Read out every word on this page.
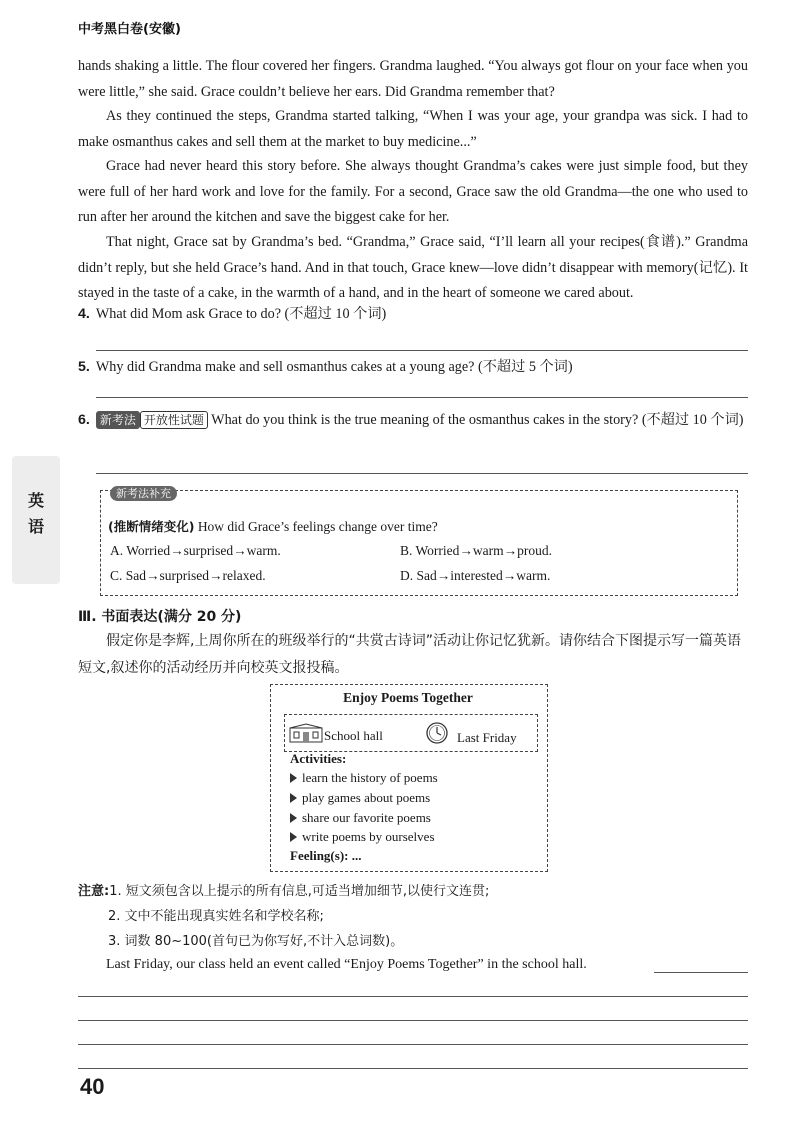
中考黑白卷(安徽)
hands shaking a little. The flour covered her fingers. Grandma laughed. “You always got flour on your face when you were little,” she said. Grace couldn’t believe her ears. Did Grandma remember that?
As they continued the steps, Grandma started talking, “When I was your age, your grandpa was sick. I had to make osmanthus cakes and sell them at the market to buy medicine...”
Grace had never heard this story before. She always thought Grandma’s cakes were just simple food, but they were full of her hard work and love for the family. For a second, Grace saw the old Grandma—the one who used to run after her around the kitchen and save the biggest cake for her.
That night, Grace sat by Grandma’s bed. “Grandma,” Grace said, “I’ll learn all your recipes(食谱).” Grandma didn’t reply, but she held Grace’s hand. And in that touch, Grace knew—love didn’t disappear with memory(记忆). It stayed in the taste of a cake, in the warmth of a hand, and in the heart of someone we cared about.
4. What did Mom ask Grace to do? (不超过 10 个词)
5. Why did Grandma make and sell osmanthus cakes at a young age? (不超过 5 个词)
6. 新考法 开放性试题 What do you think is the true meaning of the osmanthus cakes in the story? (不超过 10 个词)
英语
新考法补充
(推断情绪变化) How did Grace’s feelings change over time?
A. Worried→surprised→warm.	B. Worried→warm→proud.
C. Sad→surprised→relaxed.	D. Sad→interested→warm.
Ⅲ. 书面表达(满分 20 分)
假定你是李辉,上周你所在的班级举行的“共赏古诗词”活动让你记忆犹新。请你结合下图提示写一篇英语短文,叙述你的活动经历并向校英文报投稿。
Enjoy Poems Together
School hall	Last Friday
Activities:
learn the history of poems
play games about poems
share our favorite poems
write poems by ourselves
Feeling(s): ...
注意:1. 短文须包含以上提示的所有信息,可适当增加细节,以使行文连贯;
2. 文中不能出现真实姓名和学校名称;
3. 词数 80~100(首句已为你写好,不计入总词数)。
Last Friday, our class held an event called “Enjoy Poems Together” in the school hall.
40
